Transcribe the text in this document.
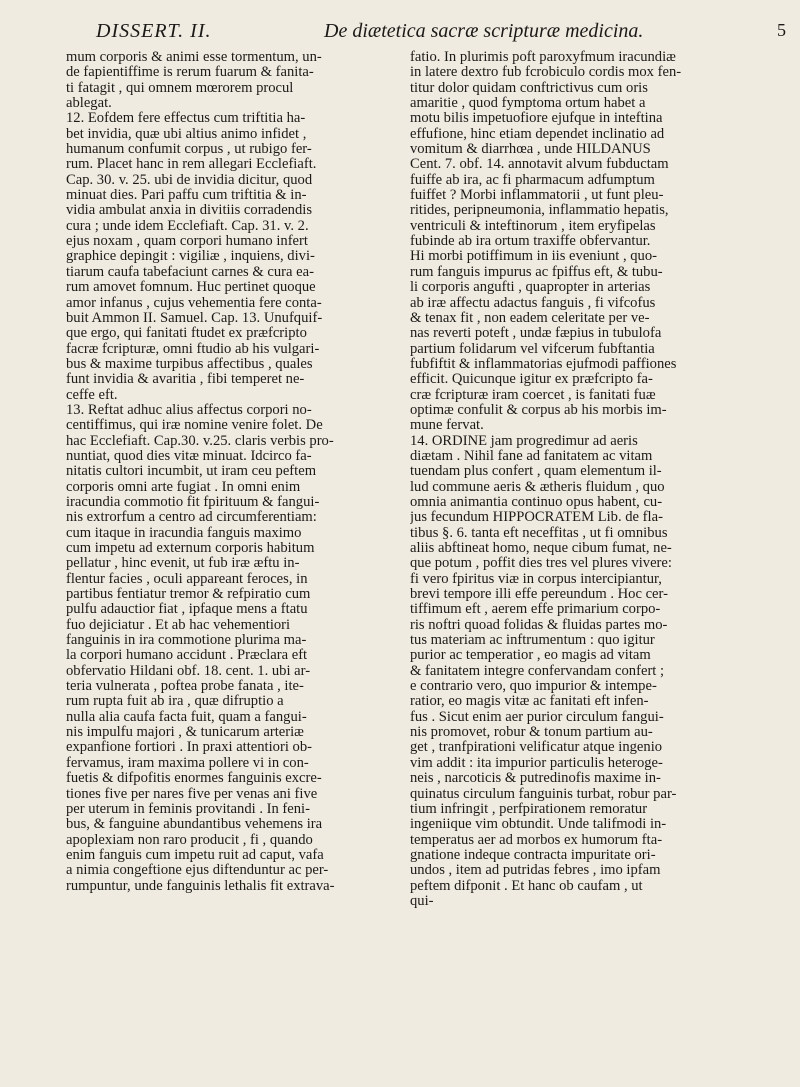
DISSERT. II.	De diætetica sacræ scripturæ medicina.	5
mum corporis & animi esse tormentum, un-
de fapientiffime is rerum fuarum & fanita-
ti fatagit , qui omnem mœrorem procul
ablegat.
12. Eofdem fere effectus cum triftitia ha-
bet invidia, quæ ubi altius animo infidet ,
humanum confumit corpus , ut rubigo fer-
rum. Placet hanc in rem allegari Ecclefiaft.
Cap. 30. v. 25. ubi de invidia dicitur, quod
minuat dies. Pari paffu cum triftitia & in-
vidia ambulat anxia in divitiis corradendis
cura ; unde idem Ecclefiaft. Cap. 31. v. 2.
ejus noxam , quam corpori humano infert
graphice depingit : vigiliæ , inquiens, divi-
tiarum caufa tabefaciunt carnes & cura ea-
rum amovet fomnum. Huc pertinet quoque
amor infanus , cujus vehementia fere conta-
buit Ammon II. Samuel. Cap. 13. Unufquif-
que ergo, qui fanitati ftudet ex præfcripto
facræ fcripturæ, omni ftudio ab his vulgari-
bus & maxime turpibus affectibus , quales
funt invidia & avaritia , fibi temperet ne-
ceffe eft.
13. Reftat adhuc alius affectus corpori no-
centiffimus, qui iræ nomine venire folet. De
hac Ecclefiaft. Cap.30. v.25. claris verbis pro-
nuntiat, quod dies vitæ minuat. Idcirco fa-
nitatis cultori incumbit, ut iram ceu peftem
corporis omni arte fugiat . In omni enim
iracundia commotio fit fpirituum & fangui-
nis extrorfum a centro ad circumferentiam:
cum itaque in iracundia fanguis maximo
cum impetu ad externum corporis habitum
pellatur , hinc evenit, ut fub iræ æftu in-
flentur facies , oculi appareant feroces, in
partibus fentiatur tremor & refpiratio cum
pulfu adauctior fiat , ipfaque mens a ftatu
fuo dejiciatur . Et ab hac vehementiori
fanguinis in ira commotione plurima ma-
la corpori humano accidunt . Præclara eft
obfervatio Hildani obf. 18. cent. 1. ubi ar-
teria vulnerata , poftea probe fanata , ite-
rum rupta fuit ab ira , quæ difruptio a
nulla alia caufa facta fuit, quam a fangui-
nis impulfu majori , & tunicarum arteriæ
expanfione fortiori . In praxi attentiori ob-
fervamus, iram maxima pollere vi in con-
fuetis & difpofitis enormes fanguinis excre-
tiones five per nares five per venas ani five
per uterum in feminis provitandi . In feni-
bus, & fanguine abundantibus vehemens ira
apoplexiam non raro producit , fi , quando
enim fanguis cum impetu ruit ad caput, vafa
a nimia congeftione ejus diftenduntur ac per-
rumpuntur, unde fanguinis lethalis fit extrava-
fatio. In plurimis poft paroxyfmum iracundiæ
in latere dextro fub fcrobiculo cordis mox fen-
titur dolor quidam conftrictivus cum oris
amaritie , quod fymptoma ortum habet a
motu bilis impetuofiore ejufque in inteftina
effufione, hinc etiam dependet inclinatio ad
vomitum & diarrhœa , unde HILDANUS
Cent. 7. obf. 14. annotavit alvum fubductam
fuiffe ab ira, ac fi pharmacum adfumptum
fuiffet ? Morbi inflammatorii , ut funt pleu-
ritides, peripneumonia, inflammatio hepatis,
ventriculi & inteftinorum , item eryfipelas
fubinde ab ira ortum traxiffe obfervantur.
Hi morbi potiffimum in iis eveniunt , quo-
rum fanguis impurus ac fpiffus eft, & tubu-
li corporis angufti , quapropter in arterias
ab iræ affectu adactus fanguis , fi vifcofus
& tenax fit , non eadem celeritate per ve-
nas reverti poteft , undæ fæpius in tubulofa
partium folidarum vel vifcerum fubftantia
fubfiftit & inflammatorias ejufmodi paffiones
efficit. Quicunque igitur ex præfcripto fa-
cræ fcripturæ iram coercet , is fanitati fuæ
optimæ confulit & corpus ab his morbis im-
mune fervat.
14. ORDINE jam progredimur ad aeris
diætam . Nihil fane ad fanitatem ac vitam
tuendam plus confert , quam elementum il-
lud commune aeris & ætheris fluidum , quo
omnia animantia continuo opus habent, cu-
jus fecundum HIPPOCRATEM Lib. de fla-
tibus §. 6. tanta eft neceffitas , ut fi omnibus
aliis abftineat homo, neque cibum fumat, ne-
que potum , poffit dies tres vel plures vivere:
fi vero fpiritus viæ in corpus intercipiantur,
brevi tempore illi effe pereundum . Hoc cer-
tiffimum eft , aerem effe primarium corpo-
ris noftri quoad folidas & fluidas partes mo-
tus materiam ac inftrumentum : quo igitur
purior ac temperatior , eo magis ad vitam
& fanitatem integre confervandam confert ;
e contrario vero, quo impurior & intempe-
ratior, eo magis vitæ ac fanitati eft infen-
fus . Sicut enim aer purior circulum fangui-
nis promovet, robur & tonum partium au-
get , tranfpirationi velificatur atque ingenio
vim addit : ita impurior particulis heteroge-
neis , narcoticis & putredinofis maxime in-
quinatus circulum fanguinis turbat, robur par-
tium infringit , perfpirationem remoratur
ingeniique vim obtundit. Unde talifmodi in-
temperatus aer ad morbos ex humorum fta-
gnatione indeque contracta impuritate ori-
undos , item ad putridas febres , imo ipfam
peftem difponit . Et hanc ob caufam , ut
qui-
